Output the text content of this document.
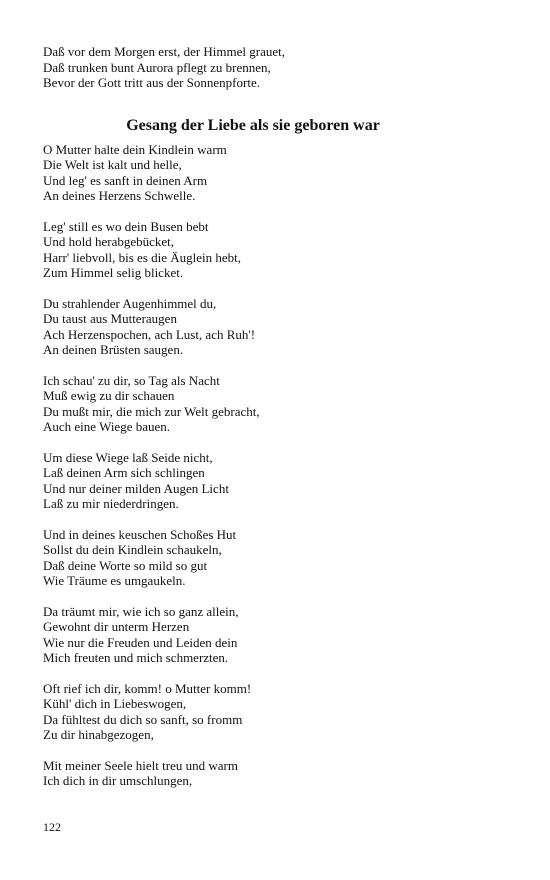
Daß vor dem Morgen erst, der Himmel grauet,

Daß trunken bunt Aurora pflegt zu brennen,

Bevor der Gott tritt aus der Sonnenpforte.

Gesang der Liebe als sie geboren war

O Mutter halte dein Kindlein warm

Die Welt ist kalt und helle,

Und leg' es sanft in deinen Arm

An deines Herzens Schwelle.

Leg' still es wo dein Busen bebt

Und hold herabgebücket,

Harr' liebvoll, bis es die Äuglein hebt,

Zum Himmel selig blicket.

Du strahlender Augenhimmel du,

Du taust aus Mutteraugen

Ach Herzenspochen, ach Lust, ach Ruh'!

An deinen Brüsten saugen.

Ich schau' zu dir, so Tag als Nacht

Muß ewig zu dir schauen

Du mußt mir, die mich zur Welt gebracht,

Auch eine Wiege bauen.

Um diese Wiege laß Seide nicht,

Laß deinen Arm sich schlingen

Und nur deiner milden Augen Licht

Laß zu mir niederdringen.

Und in deines keuschen Schoßes Hut

Sollst du dein Kindlein schaukeln,

Daß deine Worte so mild so gut

Wie Träume es umgaukeln.

Da träumt mir, wie ich so ganz allein,

Gewohnt dir unterm Herzen

Wie nur die Freuden und Leiden dein

Mich freuten und mich schmerzten.

Oft rief ich dir, komm! o Mutter komm!

Kühl' dich in Liebeswogen,

Da fühltest du dich so sanft, so fromm

Zu dir hinabgezogen,

Mit meiner Seele hielt treu und warm

Ich dich in dir umschlungen,

122
